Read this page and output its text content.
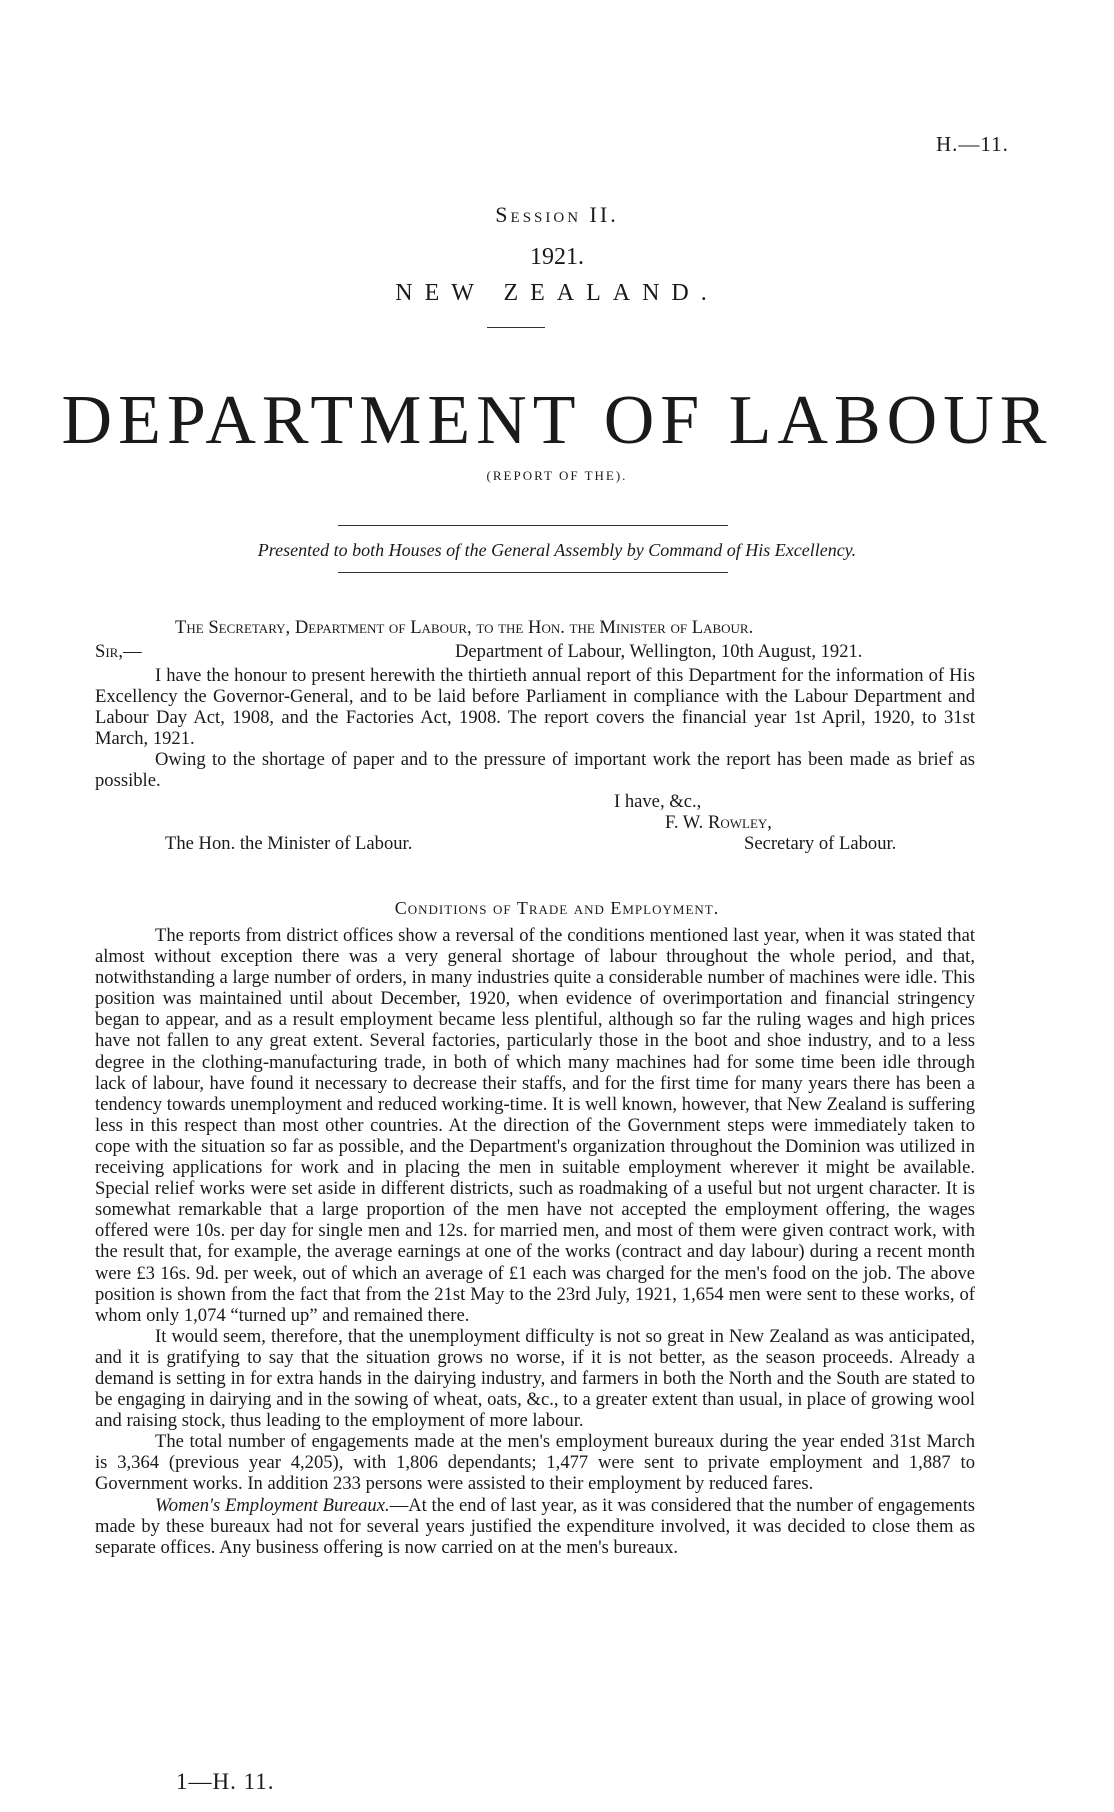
H.—11.
Session II.
1921.
NEW ZEALAND.
DEPARTMENT OF LABOUR
(REPORT OF THE).
Presented to both Houses of the General Assembly by Command of His Excellency.
The Secretary, Department of Labour, to the Hon. the Minister of Labour.
Sir,—	Department of Labour, Wellington, 10th August, 1921.

I have the honour to present herewith the thirtieth annual report of this Department for the information of His Excellency the Governor-General, and to be laid before Parliament in compliance with the Labour Department and Labour Day Act, 1908, and the Factories Act, 1908. The report covers the financial year 1st April, 1920, to 31st March, 1921.

Owing to the shortage of paper and to the pressure of important work the report has been made as brief as possible.

I have, &c.,
F. W. Rowley,
The Hon. the Minister of Labour.	Secretary of Labour.
Conditions of Trade and Employment.

The reports from district offices show a reversal of the conditions mentioned last year, when it was stated that almost without exception there was a very general shortage of labour throughout the whole period, and that, notwithstanding a large number of orders, in many industries quite a considerable number of machines were idle. This position was maintained until about December, 1920, when evidence of overimportation and financial stringency began to appear, and as a result employment became less plentiful, although so far the ruling wages and high prices have not fallen to any great extent. Several factories, particularly those in the boot and shoe industry, and to a less degree in the clothing-manufacturing trade, in both of which many machines had for some time been idle through lack of labour, have found it necessary to decrease their staffs, and for the first time for many years there has been a tendency towards unemployment and reduced working-time. It is well known, however, that New Zealand is suffering less in this respect than most other countries. At the direction of the Government steps were immediately taken to cope with the situation so far as possible, and the Department's organization throughout the Dominion was utilized in receiving applications for work and in placing the men in suitable employment wherever it might be available. Special relief works were set aside in different districts, such as roadmaking of a useful but not urgent character. It is somewhat remarkable that a large proportion of the men have not accepted the employment offering, the wages offered were 10s. per day for single men and 12s. for married men, and most of them were given contract work, with the result that, for example, the average earnings at one of the works (contract and day labour) during a recent month were £3 16s. 9d. per week, out of which an average of £1 each was charged for the men's food on the job. The above position is shown from the fact that from the 21st May to the 23rd July, 1921, 1,654 men were sent to these works, of whom only 1,074 “turned up” and remained there.

It would seem, therefore, that the unemployment difficulty is not so great in New Zealand as was anticipated, and it is gratifying to say that the situation grows no worse, if it is not better, as the season proceeds. Already a demand is setting in for extra hands in the dairying industry, and farmers in both the North and the South are stated to be engaging in dairying and in the sowing of wheat, oats, &c., to a greater extent than usual, in place of growing wool and raising stock, thus leading to the employment of more labour.

The total number of engagements made at the men's employment bureaux during the year ended 31st March is 3,364 (previous year 4,205), with 1,806 dependants; 1,477 were sent to private employment and 1,887 to Government works. In addition 233 persons were assisted to their employment by reduced fares.

Women's Employment Bureaux.—At the end of last year, as it was considered that the number of engagements made by these bureaux had not for several years justified the expenditure involved, it was decided to close them as separate offices. Any business offering is now carried on at the men's bureaux.

1—H. 11.
